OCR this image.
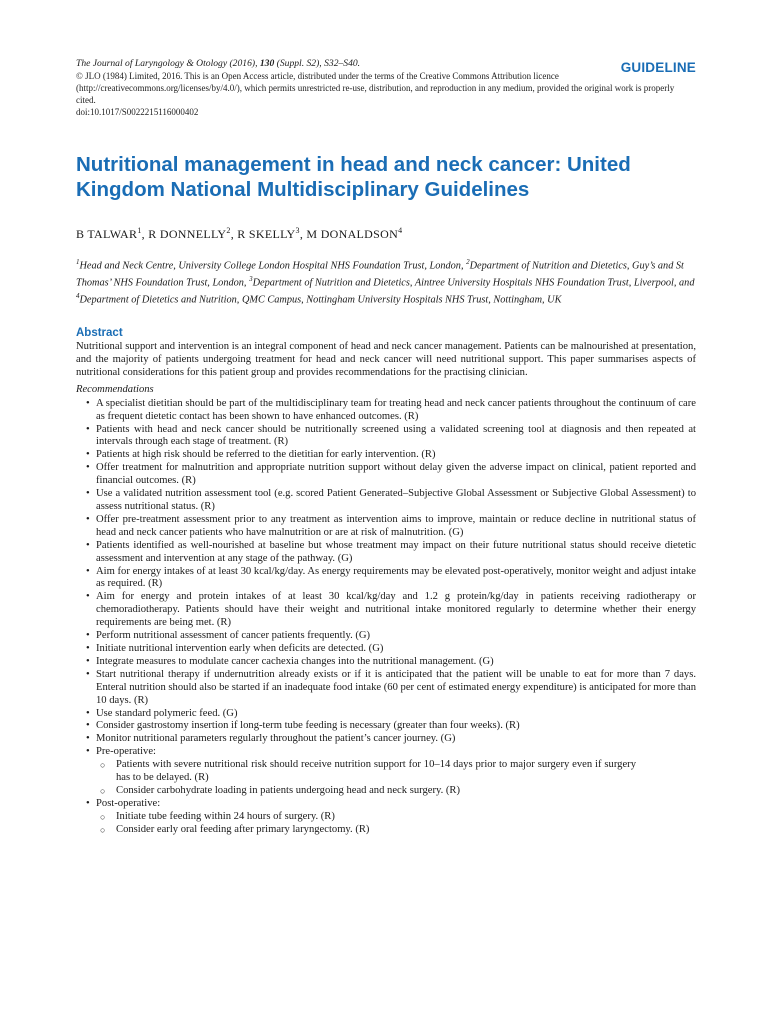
GUIDELINE
The Journal of Laryngology & Otology (2016), 130 (Suppl. S2), S32–S40.
© JLO (1984) Limited, 2016. This is an Open Access article, distributed under the terms of the Creative Commons Attribution licence (http://creativecommons.org/licenses/by/4.0/), which permits unrestricted re-use, distribution, and reproduction in any medium, provided the original work is properly cited.
doi:10.1017/S0022215116000402
Nutritional management in head and neck cancer: United Kingdom National Multidisciplinary Guidelines
B TALWAR$^1$, R DONNELLY$^2$, R SKELLY$^3$, M DONALDSON$^4$
$^1$Head and Neck Centre, University College London Hospital NHS Foundation Trust, London, $^2$Department of Nutrition and Dietetics, Guy’s and St Thomas’ NHS Foundation Trust, London, $^3$Department of Nutrition and Dietetics, Aintree University Hospitals NHS Foundation Trust, Liverpool, and $^4$Department of Dietetics and Nutrition, QMC Campus, Nottingham University Hospitals NHS Trust, Nottingham, UK
Abstract
Nutritional support and intervention is an integral component of head and neck cancer management. Patients can be malnourished at presentation, and the majority of patients undergoing treatment for head and neck cancer will need nutritional support. This paper summarises aspects of nutritional considerations for this patient group and provides recommendations for the practising clinician.
Recommendations
• A specialist dietitian should be part of the multidisciplinary team for treating head and neck cancer patients throughout the continuum of care as frequent dietetic contact has been shown to have enhanced outcomes. (R)
• Patients with head and neck cancer should be nutritionally screened using a validated screening tool at diagnosis and then repeated at intervals through each stage of treatment. (R)
• Patients at high risk should be referred to the dietitian for early intervention. (R)
• Offer treatment for malnutrition and appropriate nutrition support without delay given the adverse impact on clinical, patient reported and financial outcomes. (R)
• Use a validated nutrition assessment tool (e.g. scored Patient Generated–Subjective Global Assessment or Subjective Global Assessment) to assess nutritional status. (R)
• Offer pre-treatment assessment prior to any treatment as intervention aims to improve, maintain or reduce decline in nutritional status of head and neck cancer patients who have malnutrition or are at risk of malnutrition. (G)
• Patients identified as well-nourished at baseline but whose treatment may impact on their future nutritional status should receive dietetic assessment and intervention at any stage of the pathway. (G)
• Aim for energy intakes of at least 30 kcal/kg/day. As energy requirements may be elevated post-operatively, monitor weight and adjust intake as required. (R)
• Aim for energy and protein intakes of at least 30 kcal/kg/day and 1.2 g protein/kg/day in patients receiving radiotherapy or chemoradiotherapy. Patients should have their weight and nutritional intake monitored regularly to determine whether their energy requirements are being met. (R)
• Perform nutritional assessment of cancer patients frequently. (G)
• Initiate nutritional intervention early when deficits are detected. (G)
• Integrate measures to modulate cancer cachexia changes into the nutritional management. (G)
• Start nutritional therapy if undernutrition already exists or if it is anticipated that the patient will be unable to eat for more than 7 days. Enteral nutrition should also be started if an inadequate food intake (60 per cent of estimated energy expenditure) is anticipated for more than 10 days. (R)
• Use standard polymeric feed. (G)
• Consider gastrostomy insertion if long-term tube feeding is necessary (greater than four weeks). (R)
• Monitor nutritional parameters regularly throughout the patient’s cancer journey. (G)
• Pre-operative:
○ Patients with severe nutritional risk should receive nutrition support for 10–14 days prior to major surgery even if surgery has to be delayed. (R)
○ Consider carbohydrate loading in patients undergoing head and neck surgery. (R)
• Post-operative:
○ Initiate tube feeding within 24 hours of surgery. (R)
○ Consider early oral feeding after primary laryngectomy. (R)
